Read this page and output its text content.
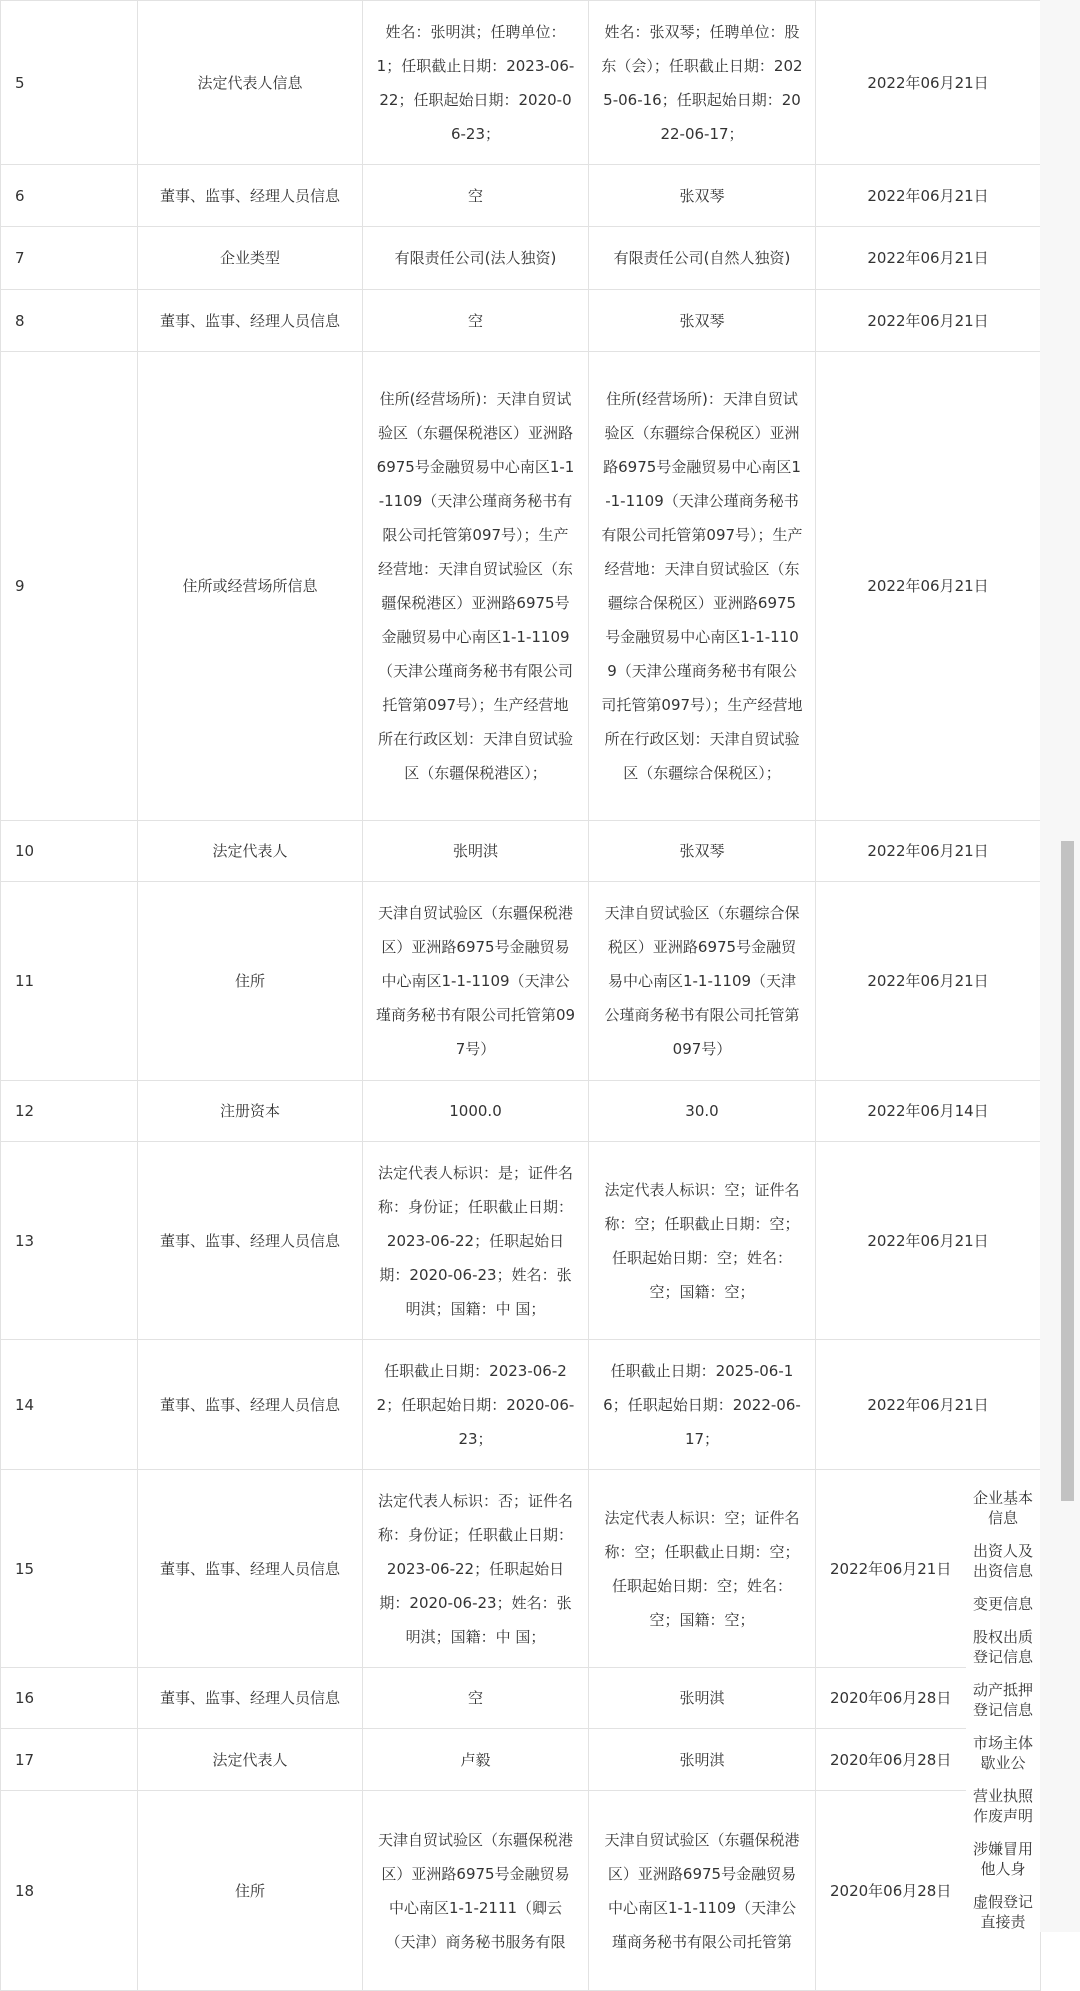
5	法定代表人信息	姓名：张明淇；任聘单位：1；任职截止日期：2023-06-22；任职起始日期：2020-06-23；	姓名：张双琴；任聘单位：股东（会）；任职截止日期：2025-06-16；任职起始日期：2022-06-17；	2022年06月21日
6	董事、监事、经理人员信息	空	张双琴	2022年06月21日
7	企业类型	有限责任公司(法人独资)	有限责任公司(自然人独资)	2022年06月21日
8	董事、监事、经理人员信息	空	张双琴	2022年06月21日
9	住所或经营场所信息	住所(经营场所)：天津自贸试验区（东疆保税港区）亚洲路6975号金融贸易中心南区1-1-1109（天津公瑾商务秘书有限公司托管第097号）；生产经营地：天津自贸试验区（东疆保税港区）亚洲路6975号金融贸易中心南区1-1-1109（天津公瑾商务秘书有限公司托管第097号）；生产经营地所在行政区划：天津自贸试验区（东疆保税港区）；	住所(经营场所)：天津自贸试验区（东疆综合保税区）亚洲路6975号金融贸易中心南区1-1-1109（天津公瑾商务秘书有限公司托管第097号）；生产经营地：天津自贸试验区（东疆综合保税区）亚洲路6975号金融贸易中心南区1-1-1109（天津公瑾商务秘书有限公司托管第097号）；生产经营地所在行政区划：天津自贸试验区（东疆综合保税区）；	2022年06月21日
10	法定代表人	张明淇	张双琴	2022年06月21日
11	住所	天津自贸试验区（东疆保税港区）亚洲路6975号金融贸易中心南区1-1-1109（天津公瑾商务秘书有限公司托管第097号）	天津自贸试验区（东疆综合保税区）亚洲路6975号金融贸易中心南区1-1-1109（天津公瑾商务秘书有限公司托管第097号）	2022年06月21日
12	注册资本	1000.0	30.0	2022年06月14日
13	董事、监事、经理人员信息	法定代表人标识：是；证件名称：身份证；任职截止日期：2023-06-22；任职起始日期：2020-06-23；姓名：张明淇；国籍：中 国；	法定代表人标识：空；证件名称：空；任职截止日期：空；任职起始日期：空；姓名：空；国籍：空；	2022年06月21日
14	董事、监事、经理人员信息	任职截止日期：2023-06-22；任职起始日期：2020-06-23；	任职截止日期：2025-06-16；任职起始日期：2022-06-17；	2022年06月21日
15	董事、监事、经理人员信息	法定代表人标识：否；证件名称：身份证；任职截止日期：2023-06-22；任职起始日期：2020-06-23；姓名：张明淇；国籍：中 国；	法定代表人标识：空；证件名称：空；任职截止日期：空；任职起始日期：空；姓名：空；国籍：空；	2022年06月21日
16	董事、监事、经理人员信息	空	张明淇	2020年06月28日
17	法定代表人	卢毅	张明淇	2020年06月28日
18	住所	天津自贸试验区（东疆保税港区）亚洲路6975号金融贸易中心南区1-1-2111（卿云（天津）商务秘书服务有限	天津自贸试验区（东疆保税港区）亚洲路6975号金融贸易中心南区1-1-1109（天津公瑾商务秘书有限公司托管第	2020年06月28日
企业基本信息
出资人及出资信息
变更信息
股权出质登记信息
动产抵押登记信息
市场主体歇业公
营业执照作废声明
涉嫌冒用他人身
虚假登记直接责
